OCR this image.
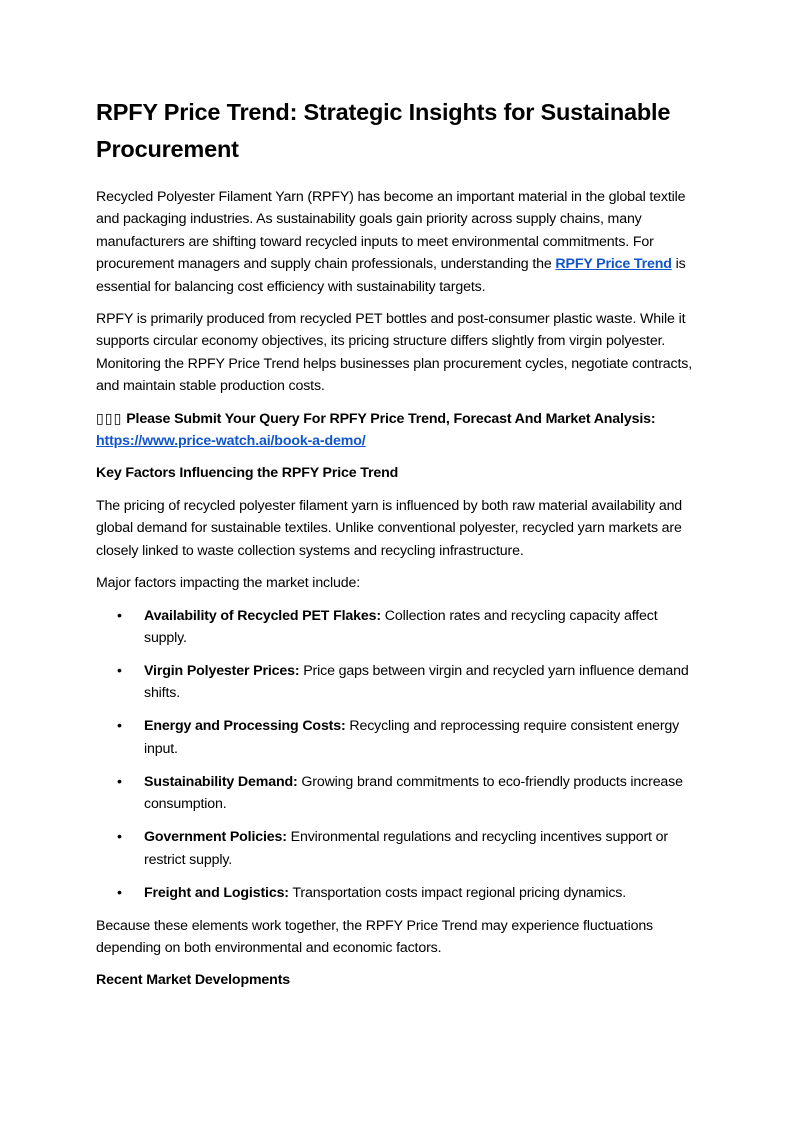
RPFY Price Trend: Strategic Insights for Sustainable Procurement

Recycled Polyester Filament Yarn (RPFY) has become an important material in the global textile and packaging industries. As sustainability goals gain priority across supply chains, many manufacturers are shifting toward recycled inputs to meet environmental commitments. For procurement managers and supply chain professionals, understanding the RPFY Price Trend is essential for balancing cost efficiency with sustainability targets.

RPFY is primarily produced from recycled PET bottles and post-consumer plastic waste. While it supports circular economy objectives, its pricing structure differs slightly from virgin polyester. Monitoring the RPFY Price Trend helps businesses plan procurement cycles, negotiate contracts, and maintain stable production costs.

▯▯▯ Please Submit Your Query For RPFY Price Trend, Forecast And Market Analysis:
https://www.price-watch.ai/book-a-demo/

Key Factors Influencing the RPFY Price Trend

The pricing of recycled polyester filament yarn is influenced by both raw material availability and global demand for sustainable textiles. Unlike conventional polyester, recycled yarn markets are closely linked to waste collection systems and recycling infrastructure.

Major factors impacting the market include:

• Availability of Recycled PET Flakes: Collection rates and recycling capacity affect supply.
• Virgin Polyester Prices: Price gaps between virgin and recycled yarn influence demand shifts.
• Energy and Processing Costs: Recycling and reprocessing require consistent energy input.
• Sustainability Demand: Growing brand commitments to eco-friendly products increase consumption.
• Government Policies: Environmental regulations and recycling incentives support or restrict supply.
• Freight and Logistics: Transportation costs impact regional pricing dynamics.

Because these elements work together, the RPFY Price Trend may experience fluctuations depending on both environmental and economic factors.

Recent Market Developments
